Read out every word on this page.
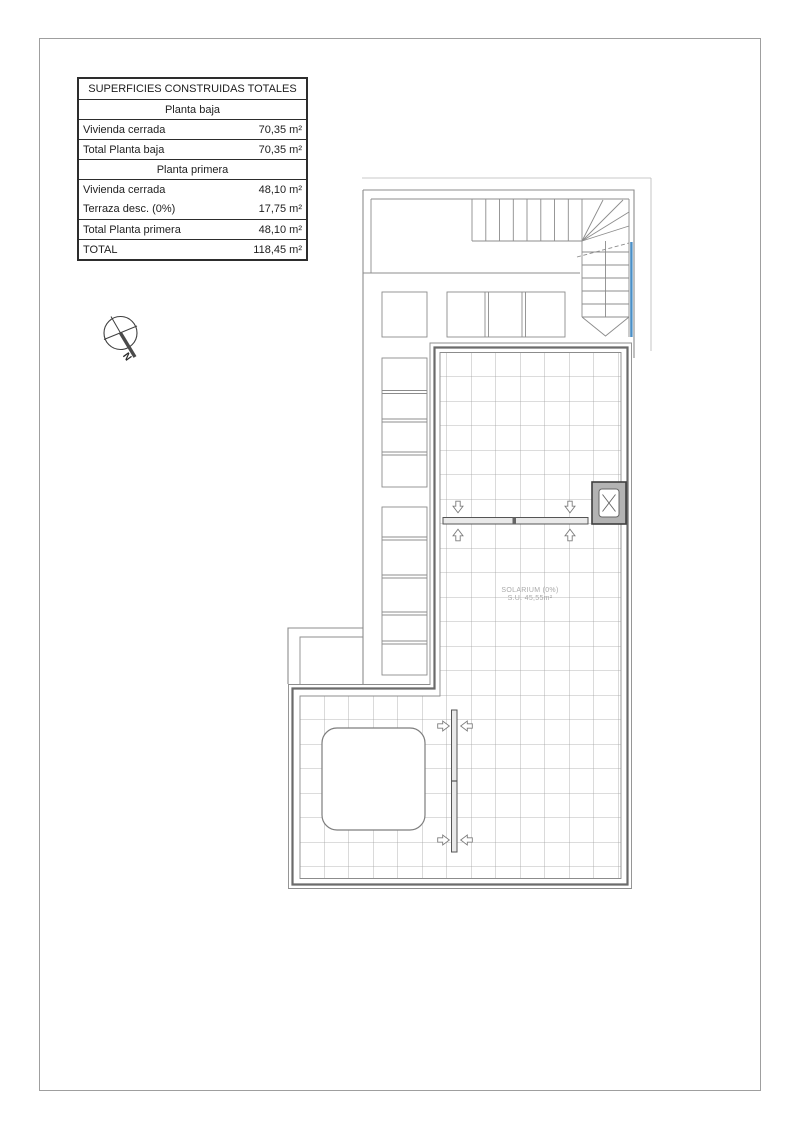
SUPERFICIES CONSTRUIDAS TOTALES
Planta baja
Vivienda cerrada	70,35 m²
Total Planta baja	70,35 m²
Planta primera
Vivienda cerrada	48,10 m²
Terraza desc. (0%)	17,75 m²
Total Planta primera	48,10 m²
TOTAL	118,45 m²
SOLARIUM (0%)
S.U. 45,55m²
N
